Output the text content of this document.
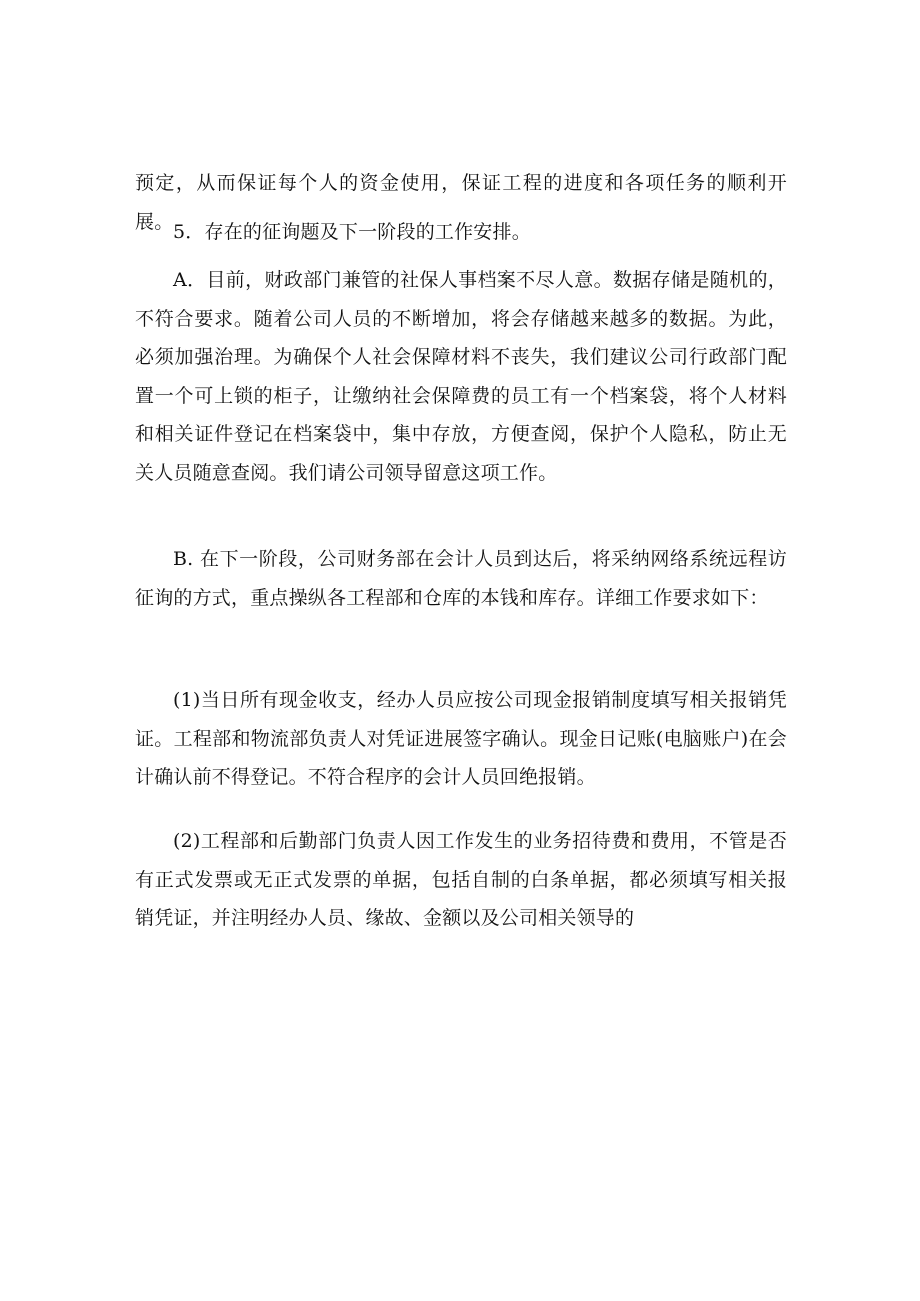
预定，从而保证每个人的资金使用，保证工程的进度和各项任务的顺利开展。 5．存在的征询题及下一阶段的工作安排。

A．目前，财政部门兼管的社保人事档案不尽人意。数据存储是随机的，不符合要求。随着公司人员的不断增加，将会存储越来越多的数据。为此，必须加强治理。为确保个人社会保障材料不丧失，我们建议公司行政部门配置一个可上锁的柜子，让缴纳社会保障费的员工有一个档案袋，将个人材料和相关证件登记在档案袋中，集中存放，方便查阅，保护个人隐私，防止无关人员随意查阅。我们请公司领导留意这项工作。

B. 在下一阶段，公司财务部在会计人员到达后，将采纳网络系统远程访征询的方式，重点操纵各工程部和仓库的本钱和库存。详细工作要求如下：

(1)当日所有现金收支，经办人员应按公司现金报销制度填写相关报销凭证。工程部和物流部负责人对凭证进展签字确认。现金日记账(电脑账户)在会计确认前不得登记。不符合程序的会计人员回绝报销。

(2)工程部和后勤部门负责人因工作发生的业务招待费和费用，不管是否有正式发票或无正式发票的单据，包括自制的白条单据，都必须填写相关报销凭证，并注明经办人员、缘故、金额以及公司相关领导的
